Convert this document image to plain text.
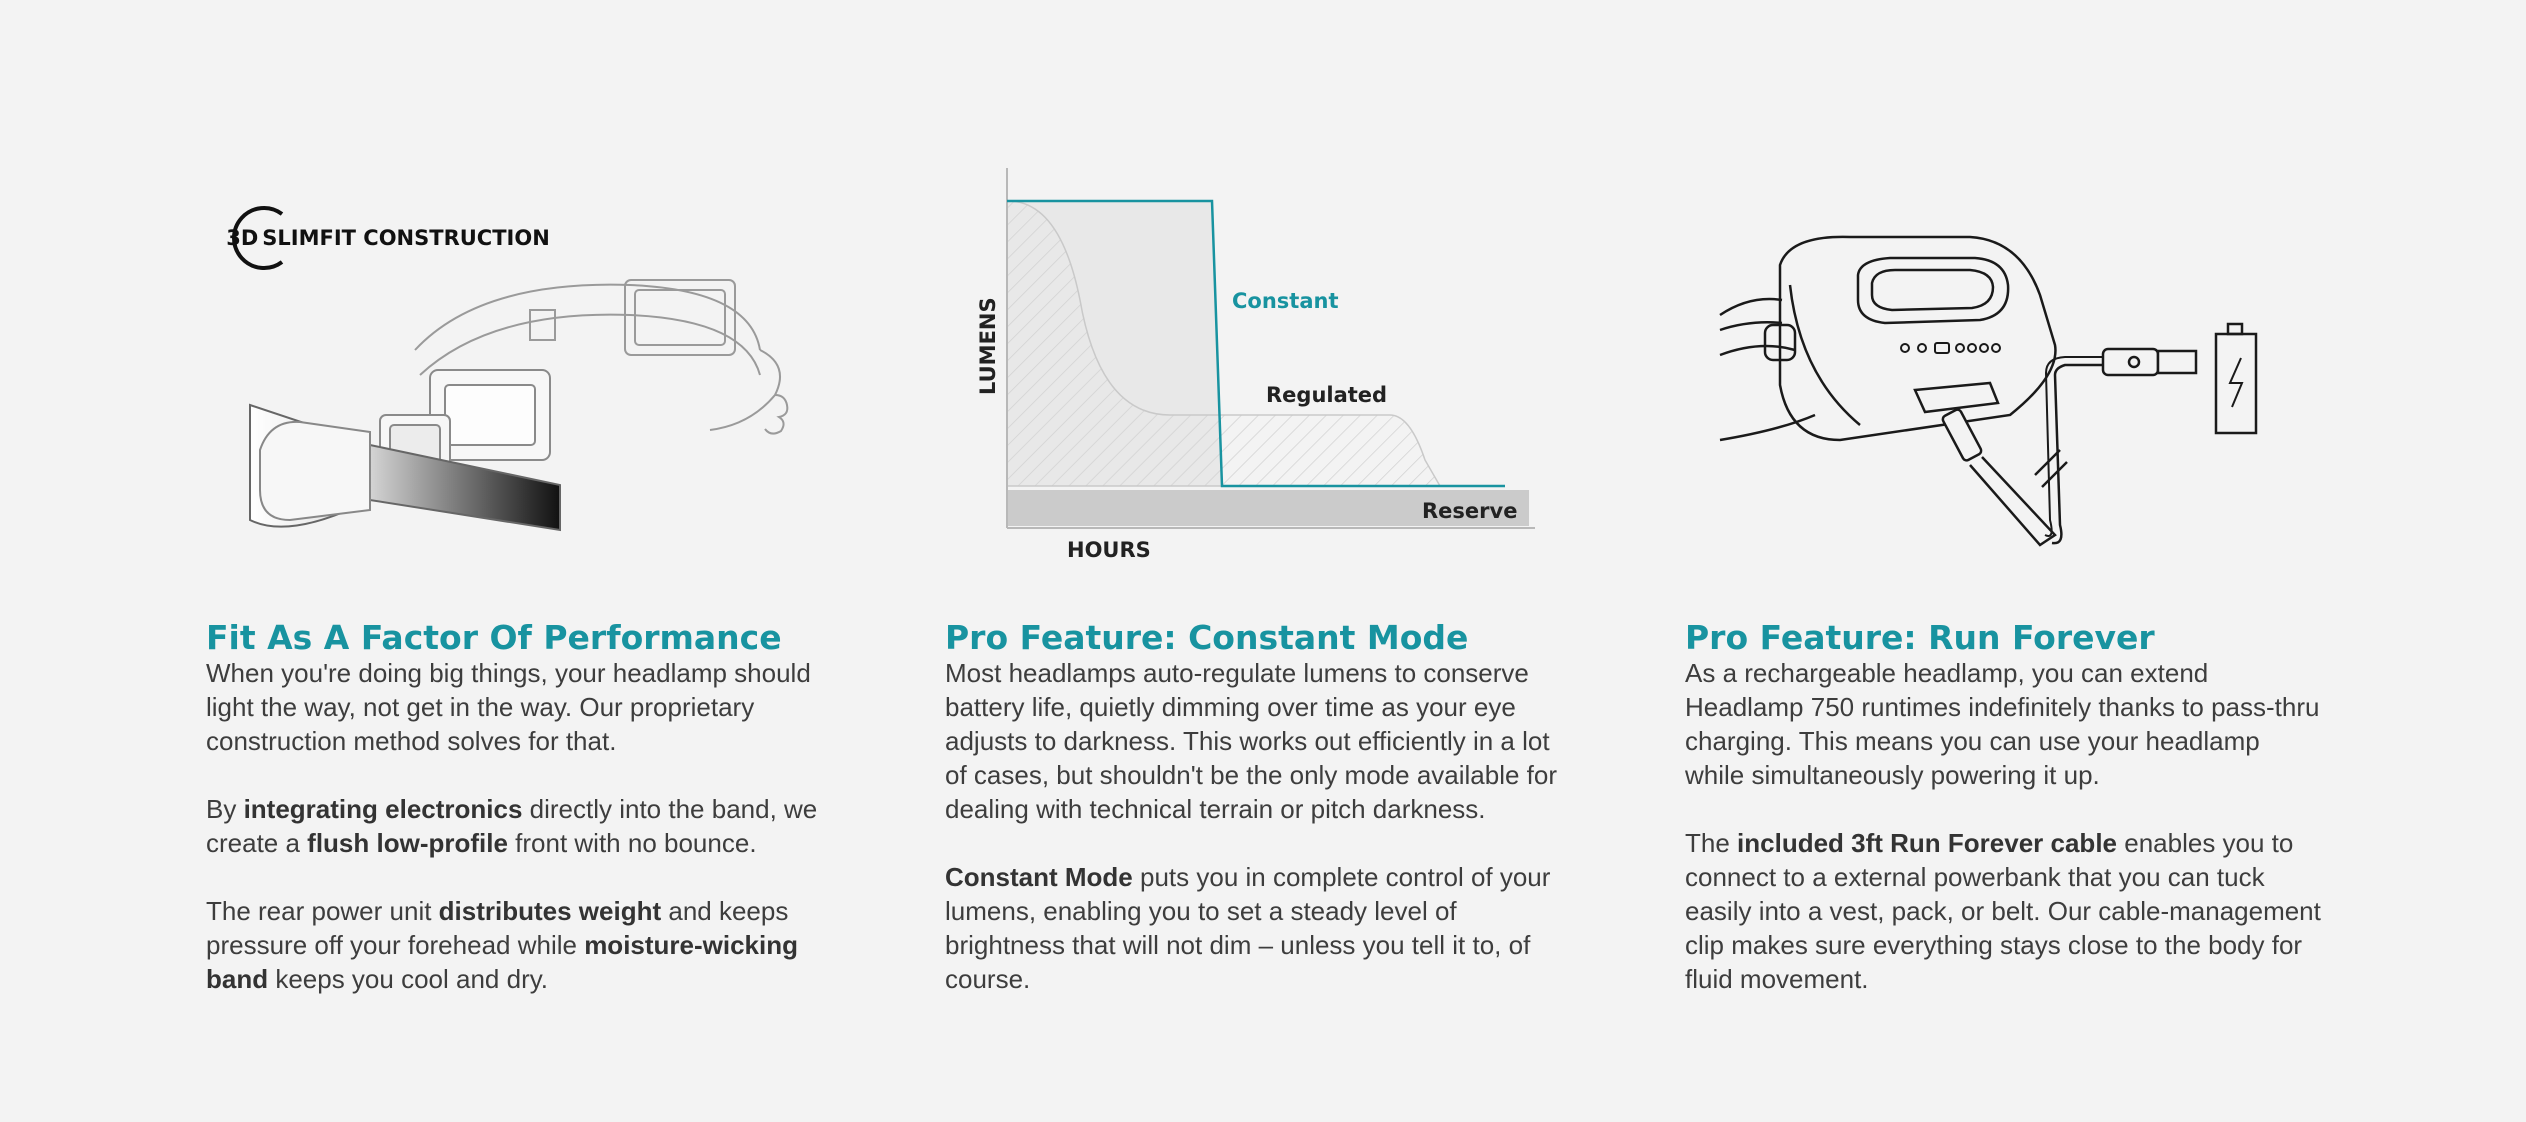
3D SLIMFIT CONSTRUCTION
Fit As A Factor Of Performance

When you're doing big things, your headlamp should light the way, not get in the way. Our proprietary construction method solves for that.

By integrating electronics directly into the band, we create a flush low-profile front with no bounce.

The rear power unit distributes weight and keeps pressure off your forehead while moisture-wicking band keeps you cool and dry.

Constant
Regulated
Reserve
LUMENS
HOURS
Pro Feature: Constant Mode

Most headlamps auto-regulate lumens to conserve battery life, quietly dimming over time as your eye adjusts to darkness. This works out efficiently in a lot of cases, but shouldn't be the only mode available for dealing with technical terrain or pitch darkness.

Constant Mode puts you in complete control of your lumens, enabling you to set a steady level of brightness that will not dim – unless you tell it to, of course.

Pro Feature: Run Forever

As a rechargeable headlamp, you can extend Headlamp 750 runtimes indefinitely thanks to pass-thru charging. This means you can use your headlamp while simultaneously powering it up.

The included 3ft Run Forever cable enables you to connect to a external powerbank that you can tuck easily into a vest, pack, or belt. Our cable-management clip makes sure everything stays close to the body for fluid movement.
